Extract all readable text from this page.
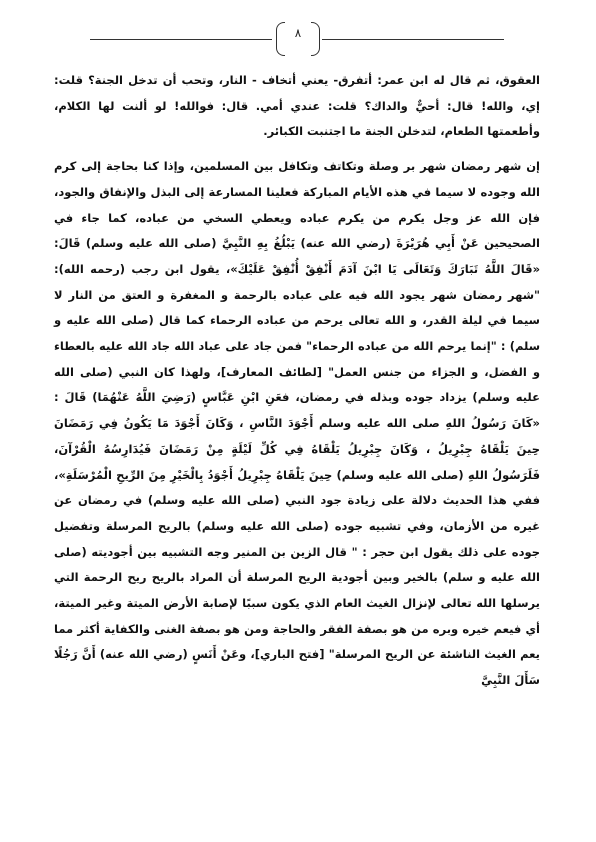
٨

العقوق، ثم قال له ابن عمر: أتفرق- يعني أتخاف - النار، وتحب أن تدخل الجنة؟ قلت: إي، والله! قال: أحيٌّ والداك؟ قلت: عندي أمي. قال: فوالله! لو ألنت لها الكلام، وأطعمتها الطعام، لتدخلن الجنة ما اجتنبت الكبائر.

إن شهر رمضان شهر بر وصلة وتكاتف وتكافل بين المسلمين، وإذا كنا بحاجة إلى كرم الله وجوده لا سيما في هذه الأيام المباركة فعلينا المسارعة إلى البذل والإنفاق والجود، فإن الله عز وجل يكرم من يكرم عباده ويعطي السخي من عباده، كما جاء في الصحيحين عَنْ أَبِي هُرَيْرَةَ (رضي الله عنه) يَبْلُغُ بِهِ النَّبِيَّ (صلى الله عليه وسلم) قَالَ: «قَالَ اللَّهُ تَبَارَكَ وَتَعَالَى يَا ابْنَ آدَمَ أَنْفِقْ أُنْفِقْ عَلَيْكَ»، يقول ابن رجب (رحمه الله): "شهر رمضان شهر يجود الله فيه على عباده بالرحمة و المغفرة و العتق من النار لا سيما في ليلة القدر، و الله تعالى يرحم من عباده الرحماء كما قال (صلى الله عليه و سلم) : "إنما يرحم الله من عباده الرحماء" فمن جاد على عباد الله جاد الله عليه بالعطاء و الفضل، و الجزاء من جنس العمل" [لطائف المعارف]، ولهذا كان النبي (صلى الله عليه وسلم) يزداد جوده وبذله في رمضان، فعَنِ ابْنِ عَبَّاسٍ (رَضِيَ اللَّهُ عَنْهُمَا) قَالَ : «كَانَ رَسُولُ اللهِ صلى الله عليه وسلم أَجْوَدَ النَّاسِ ، وَكَانَ أَجْوَدَ مَا يَكُونُ فِي رَمَضَانَ حِينَ يَلْقَاهُ جِبْرِيلُ ، وَكَانَ جِبْرِيلُ يَلْقَاهُ فِي كُلِّ لَيْلَةٍ مِنْ رَمَضَانَ فَيُدَارِسُهُ الْقُرْآنَ، فَلَرَسُولُ اللهِ (صلى الله عليه وسلم) حِينَ يَلْقَاهُ جِبْرِيلُ أَجْوَدُ بِالْخَيْرِ مِنَ الرِّيحِ الْمُرْسَلَةِ»، ففي هذا الحديث دلالة على زيادة جود النبي (صلى الله عليه وسلم) في رمضان عن غيره من الأزمان، وفي تشبيه جوده (صلى الله عليه وسلم) بالريح المرسلة وتفضيل جوده على ذلك يقول ابن حجر : " قال الزين بن المنير وجه التشبيه بين أجوديته (صلى الله عليه و سلم) بالخير وبين أجودية الريح المرسلة أن المراد بالريح ريح الرحمة التي يرسلها الله تعالى لإنزال الغيث العام الذي يكون سببًا لإصابة الأرض الميتة وغير الميتة، أي فيعم خيره وبره من هو بصفة الفقر والحاجة ومن هو بصفة الغنى والكفاية أكثر مما يعم الغيث الناشئة عن الريح المرسلة" [فتح الباري]، وعَنْ أَنَسٍ (رضي الله عنه) أَنَّ رَجُلًا سَأَلَ النَّبِيَّ
